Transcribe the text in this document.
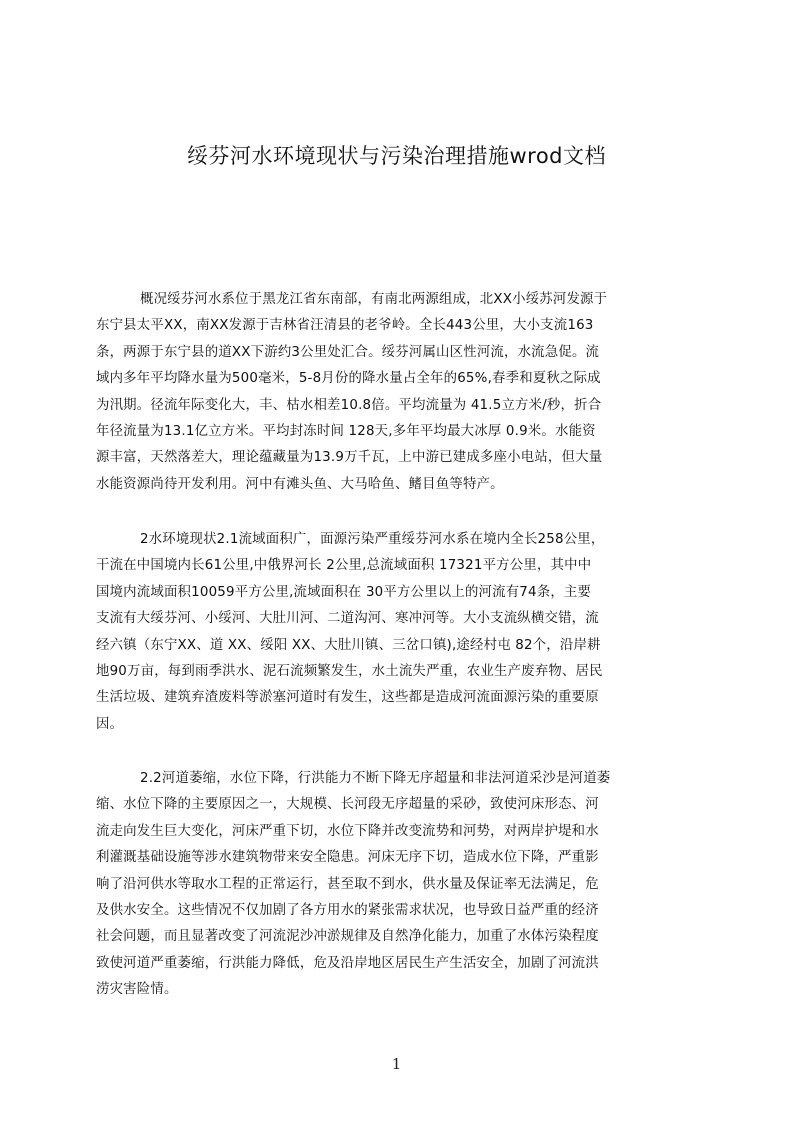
绥芬河水环境现状与污染治理措施wrod文档
概况绥芬河水系位于黑龙江省东南部，有南北两源组成，北XX小绥苏河发源于
东宁县太平XX，南XX发源于吉林省汪清县的老爷岭。全长443公里，大小支流163
条，两源于东宁县的道XX下游约3公里处汇合。绥芬河属山区性河流，水流急促。流
域内多年平均降水量为500毫米，5-8月份的降水量占全年的65%,春季和夏秋之际成
为汛期。径流年际变化大，丰、枯水相差10.8倍。平均流量为 41.5立方米/秒，折合
年径流量为13.1亿立方米。平均封冻时间 128天,多年平均最大冰厚 0.9米。水能资
源丰富，天然落差大，理论蕴藏量为13.9万千瓦，上中游已建成多座小电站，但大量
水能资源尚待开发利用。河中有滩头鱼、大马哈鱼、鳍目鱼等特产。
2水环境现状2.1流域面积广，面源污染严重绥芬河水系在境内全长258公里，
干流在中国境内长61公里,中俄界河长 2公里,总流域面积 17321平方公里，其中中
国境内流域面积10059平方公里,流域面积在 30平方公里以上的河流有74条，主要
支流有大绥芬河、小绥河、大肚川河、二道沟河、寒冲河等。大小支流纵横交错，流
经六镇（东宁XX、道 XX、绥阳 XX、大肚川镇、三岔口镇),途经村屯 82个，沿岸耕
地90万亩，每到雨季洪水、泥石流频繁发生，水土流失严重，农业生产废弃物、居民
生活垃圾、建筑弃渣废料等淤塞河道时有发生，这些都是造成河流面源污染的重要原
因。
2.2河道萎缩，水位下降，行洪能力不断下降无序超量和非法河道采沙是河道萎
缩、水位下降的主要原因之一，大规模、长河段无序超量的采砂，致使河床形态、河
流走向发生巨大变化，河床严重下切，水位下降并改变流势和河势，对两岸护堤和水
利灌溉基础设施等涉水建筑物带来安全隐患。河床无序下切，造成水位下降，严重影
响了沿河供水等取水工程的正常运行，甚至取不到水，供水量及保证率无法满足，危
及供水安全。这些情况不仅加剧了各方用水的紧张需求状况，也导致日益严重的经济
社会问题，而且显著改变了河流泥沙冲淤规律及自然净化能力，加重了水体污染程度
致使河道严重萎缩，行洪能力降低，危及沿岸地区居民生产生活安全，加剧了河流洪
涝灾害险情。
1
